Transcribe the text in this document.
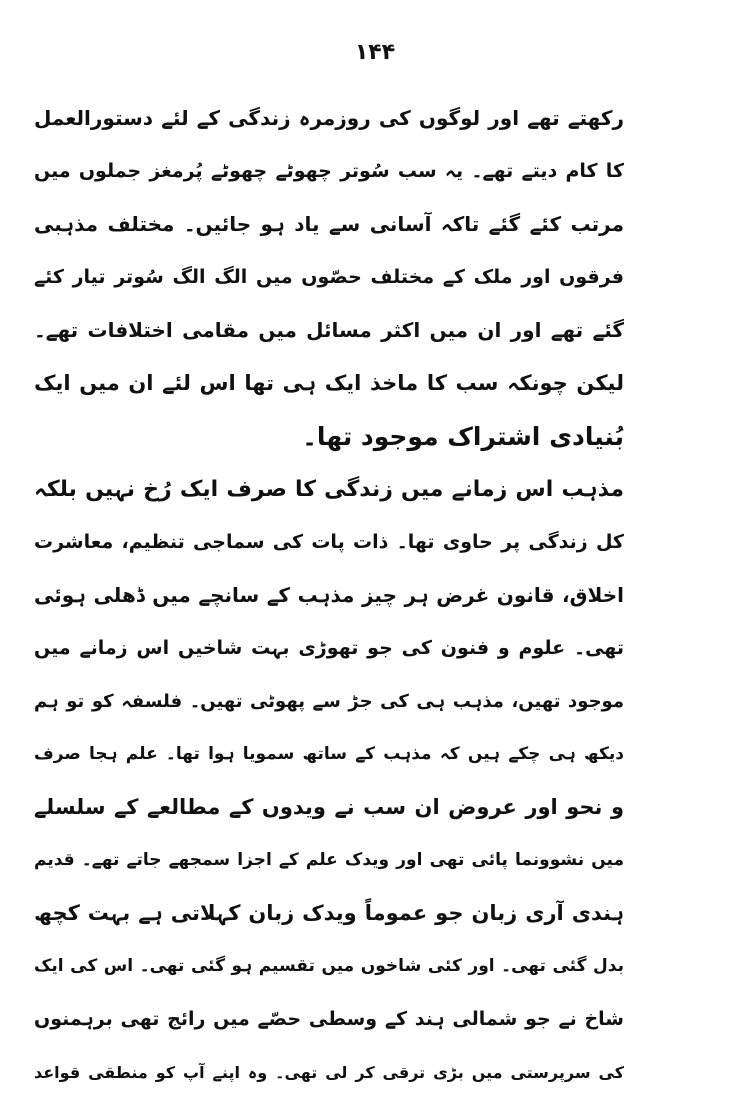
۱۴۴
رکھتے تھے اور لوگوں کی روزمرہ زندگی کے لئے دستورالعمل
کا کام دیتے تھے۔ یہ سب سُوتر چھوٹے چھوٹے پُرمغز جملوں میں
مرتب کئے گئے تاکہ آسانی سے یاد ہو جائیں۔ مختلف مذہبی
فرقوں اور ملک کے مختلف حصّوں میں الگ الگ سُوتر تیار کئے
گئے تھے اور ان میں اکثر مسائل میں مقامی اختلافات تھے۔
لیکن چونکہ سب کا ماخذ ایک ہی تھا اس لئے ان میں ایک
بُنیادی اشتراک موجود تھا۔
مذہب اس زمانے میں زندگی کا صرف ایک رُخ نہیں بلکہ
کل زندگی پر حاوی تھا۔ ذات پات کی سماجی تنظیم، معاشرت
اخلاق، قانون غرض ہر چیز مذہب کے سانچے میں ڈھلی ہوئی
تھی۔ علوم و فنون کی جو تھوڑی بہت شاخیں اس زمانے میں
موجود تھیں، مذہب ہی کی جڑ سے پھوٹی تھیں۔ فلسفہ کو تو ہم
دیکھ ہی چکے ہیں کہ مذہب کے ساتھ سمویا ہوا تھا۔ علم ہجا صرف
و نحو اور عروض ان سب نے ویدوں کے مطالعے کے سلسلے
میں نشوونما پائی تھی اور ویدک علم کے اجزا سمجھے جاتے تھے۔ قدیم
ہندی آری زبان جو عموماً ویدک زبان کہلاتی ہے بہت کچھ
بدل گئی تھی۔ اور کئی شاخوں میں تقسیم ہو گئی تھی۔ اس کی ایک
شاخ نے جو شمالی ہند کے وسطی حصّے میں رائج تھی برہمنوں
کی سرپرستی میں بڑی ترقی کر لی تھی۔ وہ اپنے آپ کو منطقی قواعد
